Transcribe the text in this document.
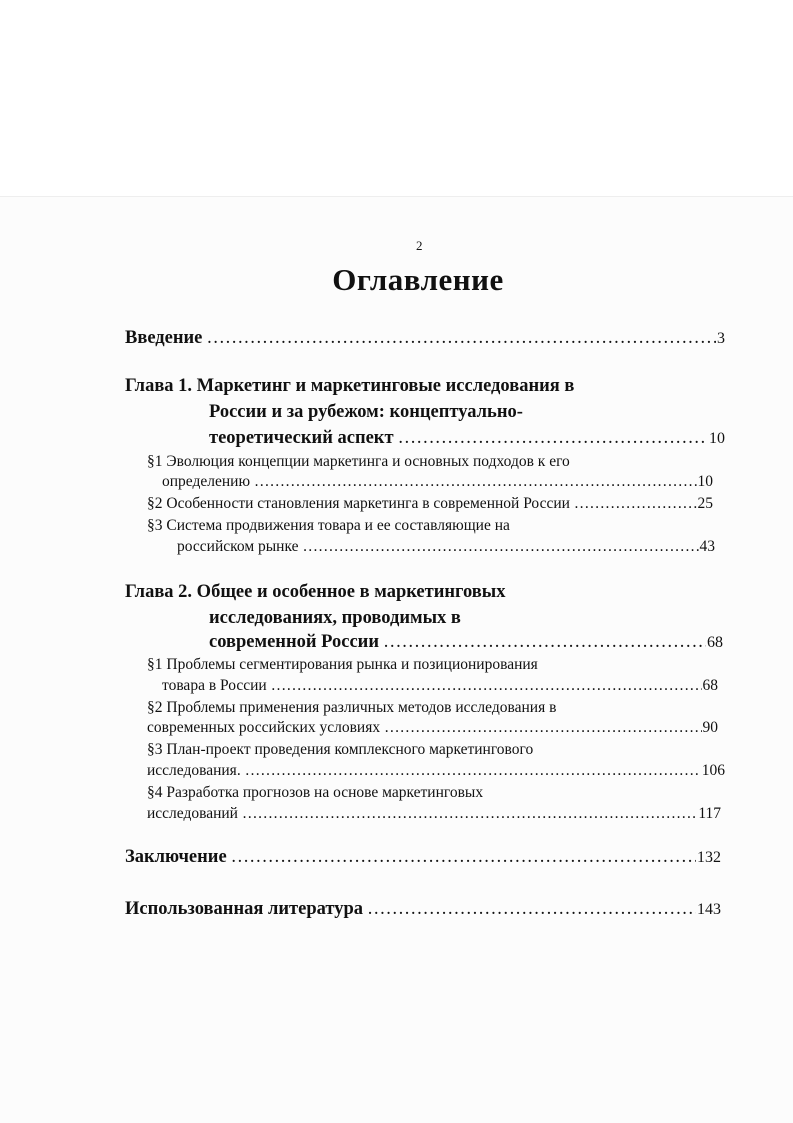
2
Оглавление
Введение …………………………………………………………………………………………………………………………………………………………………………………	3
Глава 1. Маркетинг и маркетинговые исследования в
России и за рубежом: концептуально-
теоретический аспект …………………………………………………………………………………………………………………………………………………………………………………	10
§1 Эволюция концепции маркетинга и основных подходов к его
определению …………………………………………………………………………………………………………………………………………………………………………………	10
§2 Особенности становления маркетинга в современной России …………………………………………………………………………………………………………………………………………………………………………………	25
§3 Система продвижения товара и ее составляющие на
российском рынке …………………………………………………………………………………………………………………………………………………………………………………	43
Глава 2. Общее и особенное в маркетинговых
исследованиях, проводимых в
современной России …………………………………………………………………………………………………………………………………………………………………………………	68
§1 Проблемы сегментирования рынка и позиционирования
товара в России …………………………………………………………………………………………………………………………………………………………………………………	68
§2 Проблемы применения различных методов исследования в
современных российских условиях …………………………………………………………………………………………………………………………………………………………………………………	90
§3 План-проект проведения комплексного маркетингового
исследования. …………………………………………………………………………………………………………………………………………………………………………………	106
§4 Разработка прогнозов на основе маркетинговых
исследований …………………………………………………………………………………………………………………………………………………………………………………	117
Заключение …………………………………………………………………………………………………………………………………………………………………………………	132
Использованная литература …………………………………………………………………………………………………………………………………………………………………………………	143
